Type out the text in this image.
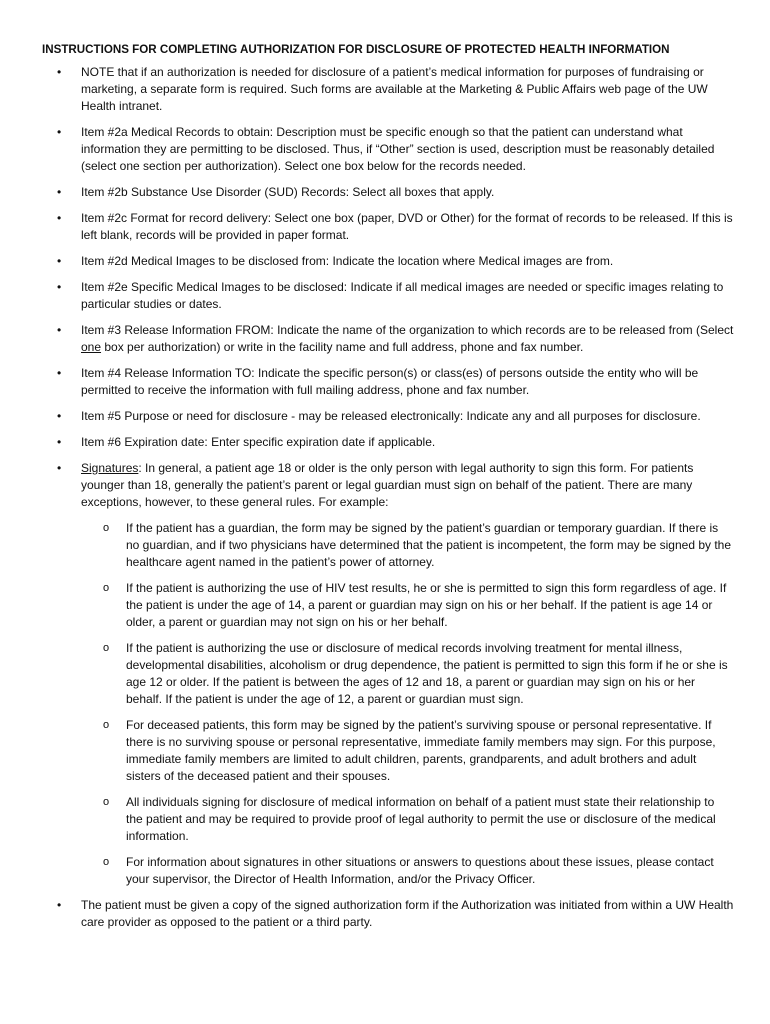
INSTRUCTIONS FOR COMPLETING AUTHORIZATION FOR DISCLOSURE OF PROTECTED HEALTH INFORMATION
• NOTE that if an authorization is needed for disclosure of a patient’s medical information for purposes of fundraising or marketing, a separate form is required. Such forms are available at the Marketing & Public Affairs web page of the UW Health intranet.
• Item #2a Medical Records to obtain: Description must be specific enough so that the patient can understand what information they are permitting to be disclosed. Thus, if “Other” section is used, description must be reasonably detailed (select one section per authorization). Select one box below for the records needed.
• Item #2b Substance Use Disorder (SUD) Records: Select all boxes that apply.
• Item #2c Format for record delivery: Select one box (paper, DVD or Other) for the format of records to be released. If this is left blank, records will be provided in paper format.
• Item #2d Medical Images to be disclosed from: Indicate the location where Medical images are from.
• Item #2e Specific Medical Images to be disclosed: Indicate if all medical images are needed or specific images relating to particular studies or dates.
• Item #3 Release Information FROM: Indicate the name of the organization to which records are to be released from (Select one box per authorization) or write in the facility name and full address, phone and fax number.
• Item #4 Release Information TO: Indicate the specific person(s) or class(es) of persons outside the entity who will be permitted to receive the information with full mailing address, phone and fax number.
• Item #5 Purpose or need for disclosure - may be released electronically: Indicate any and all purposes for disclosure.
• Item #6 Expiration date: Enter specific expiration date if applicable.
• Signatures: In general, a patient age 18 or older is the only person with legal authority to sign this form. For patients younger than 18, generally the patient’s parent or legal guardian must sign on behalf of the patient. There are many exceptions, however, to these general rules. For example:
o If the patient has a guardian, the form may be signed by the patient’s guardian or temporary guardian. If there is no guardian, and if two physicians have determined that the patient is incompetent, the form may be signed by the healthcare agent named in the patient’s power of attorney.
o If the patient is authorizing the use of HIV test results, he or she is permitted to sign this form regardless of age. If the patient is under the age of 14, a parent or guardian may sign on his or her behalf. If the patient is age 14 or older, a parent or guardian may not sign on his or her behalf.
o If the patient is authorizing the use or disclosure of medical records involving treatment for mental illness, developmental disabilities, alcoholism or drug dependence, the patient is permitted to sign this form if he or she is age 12 or older. If the patient is between the ages of 12 and 18, a parent or guardian may sign on his or her behalf. If the patient is under the age of 12, a parent or guardian must sign.
o For deceased patients, this form may be signed by the patient’s surviving spouse or personal representative. If there is no surviving spouse or personal representative, immediate family members may sign. For this purpose, immediate family members are limited to adult children, parents, grandparents, and adult brothers and adult sisters of the deceased patient and their spouses.
o All individuals signing for disclosure of medical information on behalf of a patient must state their relationship to the patient and may be required to provide proof of legal authority to permit the use or disclosure of the medical information.
o For information about signatures in other situations or answers to questions about these issues, please contact your supervisor, the Director of Health Information, and/or the Privacy Officer.
• The patient must be given a copy of the signed authorization form if the Authorization was initiated from within a UW Health care provider as opposed to the patient or a third party.
